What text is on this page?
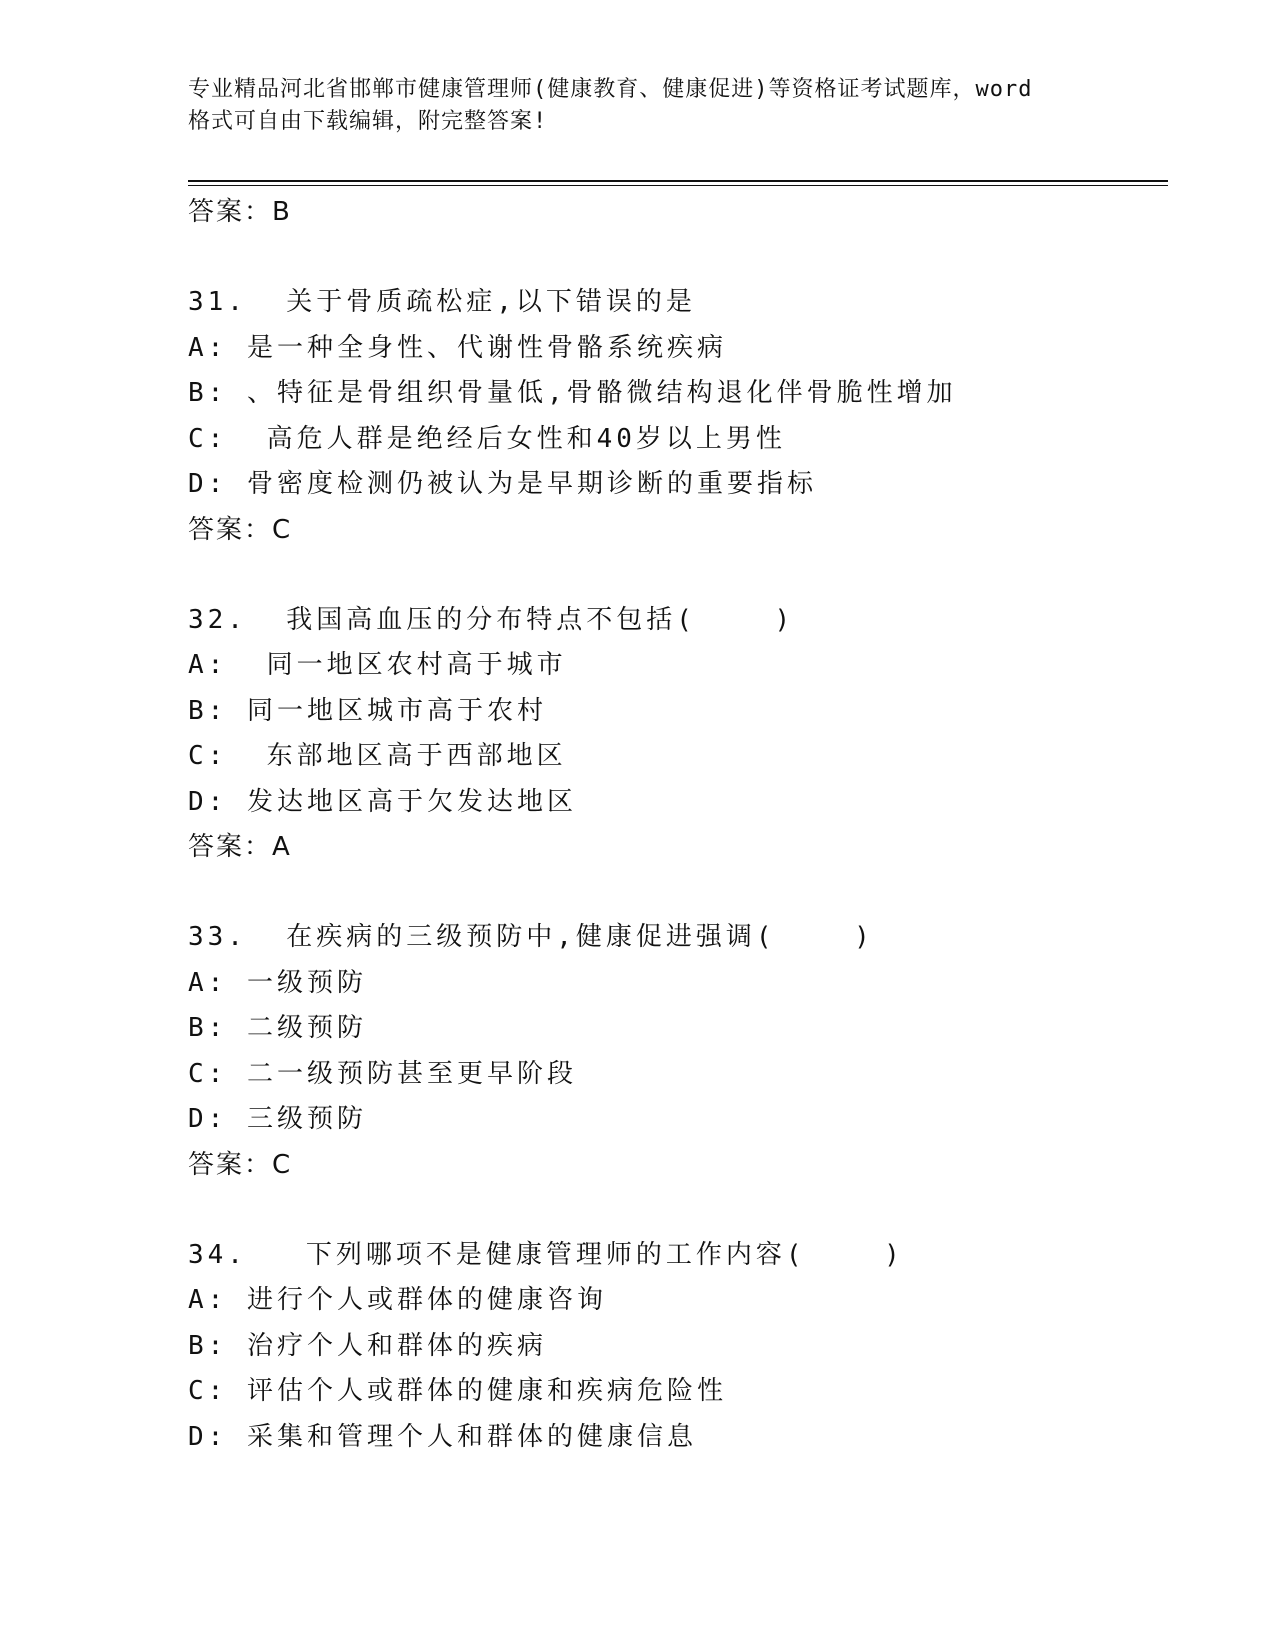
专业精品河北省邯郸市健康管理师(健康教育、健康促进)等资格证考试题库，word
格式可自由下载编辑，附完整答案!
答案：B
31.  关于骨质疏松症,以下错误的是
A: 是一种全身性、代谢性骨骼系统疾病
B: 、特征是骨组织骨量低,骨骼微结构退化伴骨脆性增加
C:  高危人群是绝经后女性和40岁以上男性
D: 骨密度检测仍被认为是早期诊断的重要指标
答案：C
32.  我国高血压的分布特点不包括(    )
A:  同一地区农村高于城市
B: 同一地区城市高于农村
C:  东部地区高于西部地区
D: 发达地区高于欠发达地区
答案：A
33.  在疾病的三级预防中,健康促进强调(    )
A: 一级预防
B: 二级预防
C: 二一级预防甚至更早阶段
D: 三级预防
答案：C
34.   下列哪项不是健康管理师的工作内容(    )
A: 进行个人或群体的健康咨询
B: 治疗个人和群体的疾病
C: 评估个人或群体的健康和疾病危险性
D: 采集和管理个人和群体的健康信息
